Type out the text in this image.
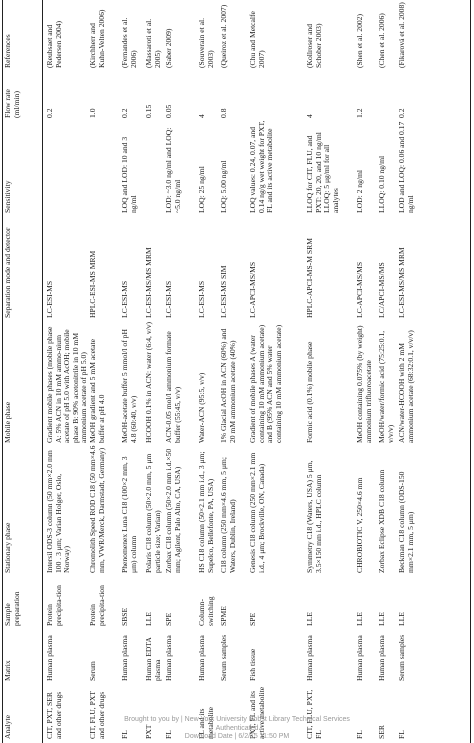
Analyte
Matrix
Sample preparation
Stationary phase
Mobile phase
Separation mode and detector
Sensitivity
Flow rate (ml/min)
References
CIT, PXT, SER and other drugs
Human plasma
Protein precipita-tion
Intersil ODS-3 column (50 mm×2.0 mm 100 . 3 μm; Varian Holger, Oslo, Norway)
Gradient mobile phases (mobile phase A: 5% ACN in 10 mM ammo-nium acetate of pH 5.0 with AcOH; mobile phase B: 90% acetonitrile in 10 mM ammonium acetate of pH 5.0)
LC-ESI-MS
0.2
(Reubsaet and Pedersen 2004)
CIT, FLU, PXT and other drugs
Serum
Protein precipita-tion
Chromolith Speed ROD C18 (50 mm×4.6 mm, VWR/Merck, Darmstadt, Germany)
MeOH gradient and 5 mM acetate buffer at pH 4.0
HPLC-ESI-MS MRM
1.0
(Kirchherr and Kuhn-Velten 2006)
FL
Human plasma
SBSE
Phenomenex Luna C18 (100×2 mm, 3 μm) column
MeOH-acetate buffer 5 mmol/l of pH 4.8 (60:40, v/v)
LC-ESI-MS
LOQ and LOD: 10 and 3 ng/ml
0.2
(Fernandes et al. 2006)
PXT
Human EDTA plasma
LLE
Polaris C18 column (50×2.0 mm, 5 μm particle size; Varian)
HCOOH 0.1% in ACN: water (6:4, v/v)
LC-ESI-MS/MS MRM
0.15
(Massaroti et al. 2005)
FL
Human plasma
SPE
Zorbax C18 column (50×2.0 mm i.d.×50 mm; Agilent, Palo Alto, CA, USA)
ACN-0.05 mol/l ammonium formate buffer (55:45, v/v)
LC-ESI-MS
LOD: ~3.0 ng/ml and LOQ: ~5.0 ng/ml
0.05
(Saber 2009)
FL and its metabolite
Human plasma
Column-switching
HS C18 column (50×2.1 mm i.d., 3 μm; Supelco, Bellefonte, PA, USA)
Water-ACN (95:5, v/v)
LC-ESI-MS
LOQ: 25 ng/ml
4
(Souverain et al. 2003)
Serum samples
SPME
C18 column (250 mm×4.6 mm, 5 μm; Waters, Dublin, Ireland)
1% Glacial AcOH in ACN (60%) and 20 mM ammonium acetate (40%)
LC-ESI-MS SIM
LOQ: 5.00 ng/ml
0.8
(Queiroz et al. 2007)
PXT, FL and its active metabolite
Fish tissue
SPE
Genesis C18 column (250 mm×2.1 mm i.d., 4 μm; Brockville, ON, Canada)
Gradient of mobile phases A (water containing 10 mM ammonium acetate) and B (95% ACN and 5% water containing 10 mM ammonium acetate)
LC-APCI-MS/MS
LOQ values: 0.24, 0.07, and 0.14 ng/g wet weight for PXT, FL and its active metabolite
(Chu and Metcalfe 2007)
CIT, FLU, PXT, FL
Human plasma
LLE
Symmetry C18 (Waters, USA) 5 μm, 3.5×150 mm i.d., HPLC column
Formic acid (0.1%) mobile phase
HPLC-APCI-MS-M SRM
LLOQ for CIT, FLU, and PXT: 20, 20, and 10 ng/ml LLOQ: 5 μg/ml for all analytes
4
(Kollroser and Schober 2003)
FL
Human plasma
LLE
CHROBIOTIC V, 250×4.6 mm
MeOH containing 0.075% (by weight) ammonium trifluoroacetate
LC-APCI-MS/MS
LOD: 2 ng/ml
1.2
(Shen et al. 2002)
SER
Human plasma
LLE
Zorbax Eclipse XDB C18 column
MeOH/water/formic acid (75:25:0.1, v/v/v)
LC/APCI-MS/MS
LLOQ: 0.10 ng/ml
(Chen et al. 2006)
FL
Serum samples
LLE
Beckman C18 column (ODS-150 mm×2.1 mm, 5 μm)
ACN/water-HCOOH with 2 mM ammonium acetate (68:32:0.1, v/v/v)
LC-ESI-MS/MS MRM
LOD and LOQ: 0.06 and 0.17 ng/ml
0.2
(Fikarová et al. 2008)
Brought to you by | New York University Bobst Library Technical Services
Authenticated
Download Date | 6/2/15 11:50 PM
